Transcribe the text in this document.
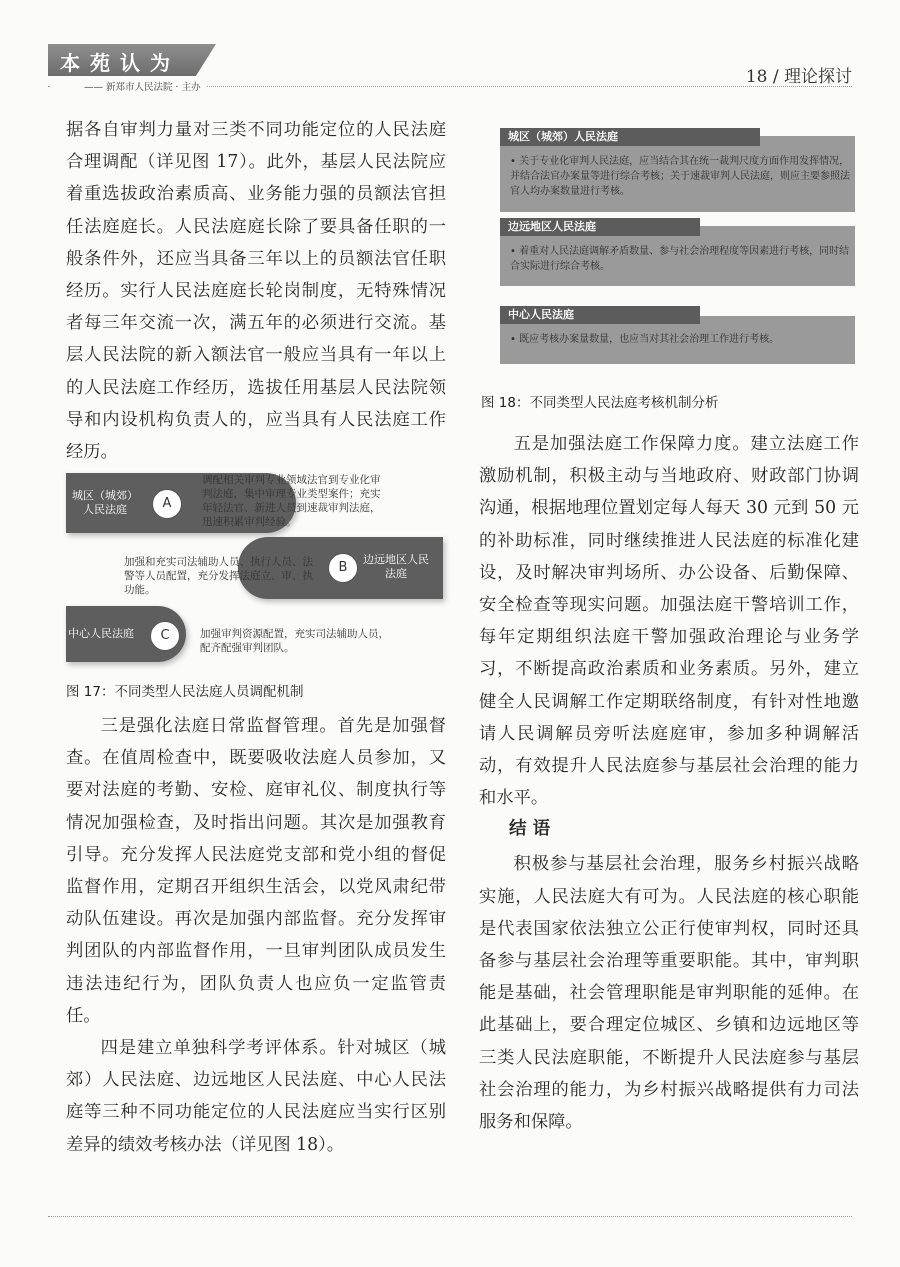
本苑认为
—— 新郑市人民法院 · 主办
18 / 理论探讨

据各自审判力量对三类不同功能定位的人民法庭合理调配（详见图 17）。此外，基层人民法院应着重选拔政治素质高、业务能力强的员额法官担任法庭庭长。人民法庭庭长除了要具备任职的一般条件外，还应当具备三年以上的员额法官任职经历。实行人民法庭庭长轮岗制度，无特殊情况者每三年交流一次，满五年的必须进行交流。基层人民法院的新入额法官一般应当具有一年以上的人民法庭工作经历，选拔任用基层人民法院领导和内设机构负责人的，应当具有人民法庭工作经历。

城区（城郊）人民法庭	A
调配相关审判专业领域法官到专业化审判法庭，集中审理专业类型案件；充实年轻法官、新进人员到速裁审判法庭，迅速积累审判经验。
B
边远地区人民法庭
加强和充实司法辅助人员、执行人员、法警等人员配置，充分发挥法庭立、审、执功能。
中心人民法庭	C	加强审判资源配置，充实司法辅助人员，配齐配强审判团队。
图 17：不同类型人民法庭人员调配机制

三是强化法庭日常监督管理。首先是加强督查。在值周检查中，既要吸收法庭人员参加，又要对法庭的考勤、安检、庭审礼仪、制度执行等情况加强检查，及时指出问题。其次是加强教育引导。充分发挥人民法庭党支部和党小组的督促监督作用，定期召开组织生活会，以党风肃纪带动队伍建设。再次是加强内部监督。充分发挥审判团队的内部监督作用，一旦审判团队成员发生违法违纪行为，团队负责人也应负一定监管责任。

四是建立单独科学考评体系。针对城区（城郊）人民法庭、边远地区人民法庭、中心人民法庭等三种不同功能定位的人民法庭应当实行区别差异的绩效考核办法（详见图 18）。

城区（城郊）人民法庭
• 关于专业化审判人民法庭，应当结合其在统一裁判尺度方面作用发挥情况，并结合法官办案量等进行综合考核；关于速裁审判人民法庭，则应主要参照法官人均办案数量进行考核。
边远地区人民法庭
• 着重对人民法庭调解矛盾数量、参与社会治理程度等因素进行考核，同时结合实际进行综合考核。
中心人民法庭
• 既应考核办案量数量，也应当对其社会治理工作进行考核。
图 18：不同类型人民法庭考核机制分析

五是加强法庭工作保障力度。建立法庭工作激励机制，积极主动与当地政府、财政部门协调沟通，根据地理位置划定每人每天 30 元到 50 元的补助标准，同时继续推进人民法庭的标准化建设，及时解决审判场所、办公设备、后勤保障、安全检查等现实问题。加强法庭干警培训工作，每年定期组织法庭干警加强政治理论与业务学习，不断提高政治素质和业务素质。另外，建立健全人民调解工作定期联络制度，有针对性地邀请人民调解员旁听法庭庭审，参加多种调解活动，有效提升人民法庭参与基层社会治理的能力和水平。

结 语

积极参与基层社会治理，服务乡村振兴战略实施，人民法庭大有可为。人民法庭的核心职能是代表国家依法独立公正行使审判权，同时还具备参与基层社会治理等重要职能。其中，审判职能是基础，社会管理职能是审判职能的延伸。在此基础上，要合理定位城区、乡镇和边远地区等三类人民法庭职能，不断提升人民法庭参与基层社会治理的能力，为乡村振兴战略提供有力司法服务和保障。
